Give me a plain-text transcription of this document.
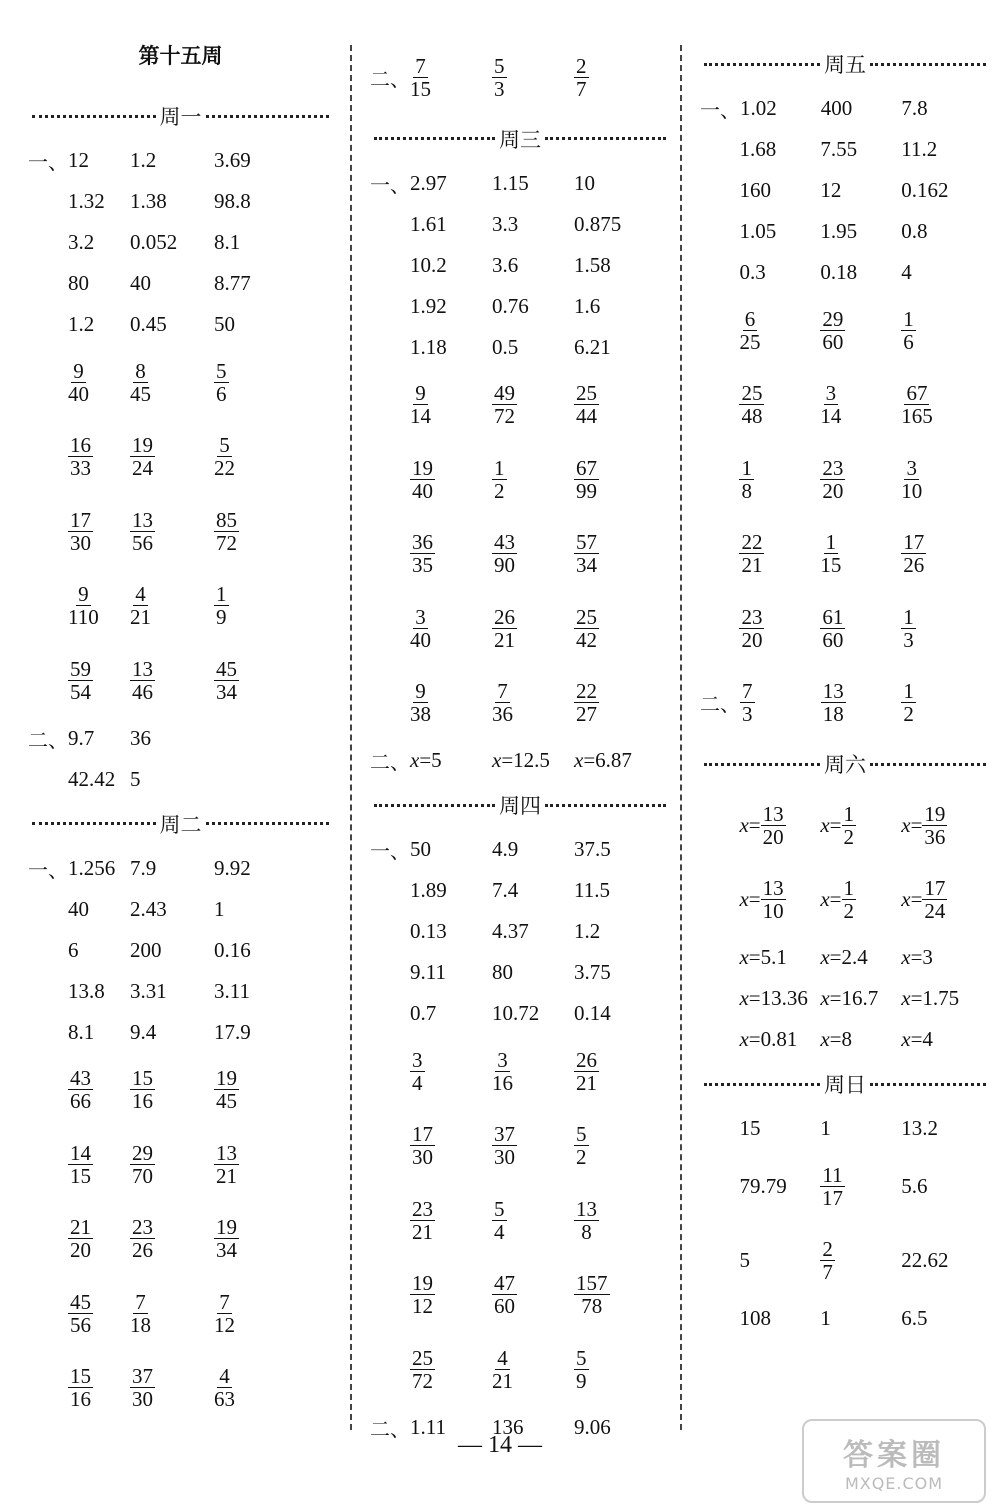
第十五周
周一
一、 12 1.2	3.69
1.32 1.38 98.8
3.2 0.052 8.1
80 40	8.77
1.2 0.45 50
$\frac{9}{40} \frac{8}{45}$	$\frac{5}{6}$
$\frac{16}{33} \frac{19}{24}$	$\frac{5}{22}$
$\frac{17}{30} \frac{13}{56}$	$\frac{85}{72}$
$\frac{9}{110} \frac{4}{21}$	$\frac{1}{9}$
$\frac{59}{54} \frac{13}{46}$	$\frac{45}{34}$
二、 9.7 36
42.42 5
周二
一、 1.256 7.9	9.92
40 2.43 1
6 200	0.16
13.8 3.31 3.11
8.1 9.4	17.9
$\frac{43}{66} \frac{15}{16}$	$\frac{19}{45}$
$\frac{14}{15} \frac{29}{70}$	$\frac{13}{21}$
$\frac{21}{20} \frac{23}{26}$	$\frac{19}{34}$
$\frac{45}{56} \frac{7}{18}$	$\frac{7}{12}$
$\frac{15}{16} \frac{37}{30}$	$\frac{4}{63}$
二、 $\frac{7}{15}$	$\frac{5}{3}$	$\frac{2}{7}$
周三
一、 2.97 1.15 10
1.61 3.3	0.875
10.2 3.6	1.58
1.92 0.76 1.6
1.18 0.5	6.21
$\frac{9}{14}$	$\frac{49}{72}$	$\frac{25}{44}$
$\frac{19}{40}$	$\frac{1}{2}$	$\frac{67}{99}$
$\frac{36}{35}$	$\frac{43}{90}$	$\frac{57}{34}$
$\frac{3}{40}$	$\frac{26}{21}$	$\frac{25}{42}$
$\frac{9}{38}$	$\frac{7}{36}$	$\frac{22}{27}$
二、 x = 5 x = 12.5 x = 6.87
周四
一、 50	4.9	37.5
1.89 7.4	11.5
0.13 4.37 1.2
9.11 80	3.75
0.7	10.72 0.14
$\frac{3}{4}$	$\frac{3}{16}$	$\frac{26}{21}$
$\frac{17}{30}$	$\frac{37}{30}$	$\frac{5}{2}$
$\frac{23}{21}$	$\frac{5}{4}$	$\frac{13}{8}$
$\frac{19}{12}$	$\frac{47}{60}$	$\frac{157}{78}$
$\frac{25}{72}$	$\frac{4}{21}$	$\frac{5}{9}$
二、 1.11 136 9.06
周五
一、 1.02 400 7.8
1.68 7.55 11.2
160 12	0.162
1.05 1.95 0.8
0.3	0.18 4
$\frac{6}{25}$	$\frac{29}{60}$	$\frac{1}{6}$
$\frac{25}{48}$	$\frac{3}{14}$	$\frac{67}{165}$
$\frac{1}{8}$	$\frac{23}{20}$	$\frac{3}{10}$
$\frac{22}{21}$	$\frac{1}{15}$	$\frac{17}{26}$
$\frac{23}{20}$	$\frac{61}{60}$	$\frac{1}{3}$
二、 $\frac{7}{3}$	$\frac{13}{18}$	$\frac{1}{2}$
周六
$x = \frac{13}{20}$ $x = \frac{1}{2}$ $x = \frac{19}{36}$
$x = \frac{13}{10}$ $x = \frac{1}{2}$ $x = \frac{17}{24}$
x = 5.1 x = 2.4 x = 3
x = 13.36 x = 16.7 x = 1.75
x = 0.81 x = 8 x = 4
周日
15	1	13.2
$79.79 \frac{11}{17}$	5.6
5	$\frac{2}{7}$	22.62
108 1	6.5
— 14 —	答案圈
MXQE.COM
